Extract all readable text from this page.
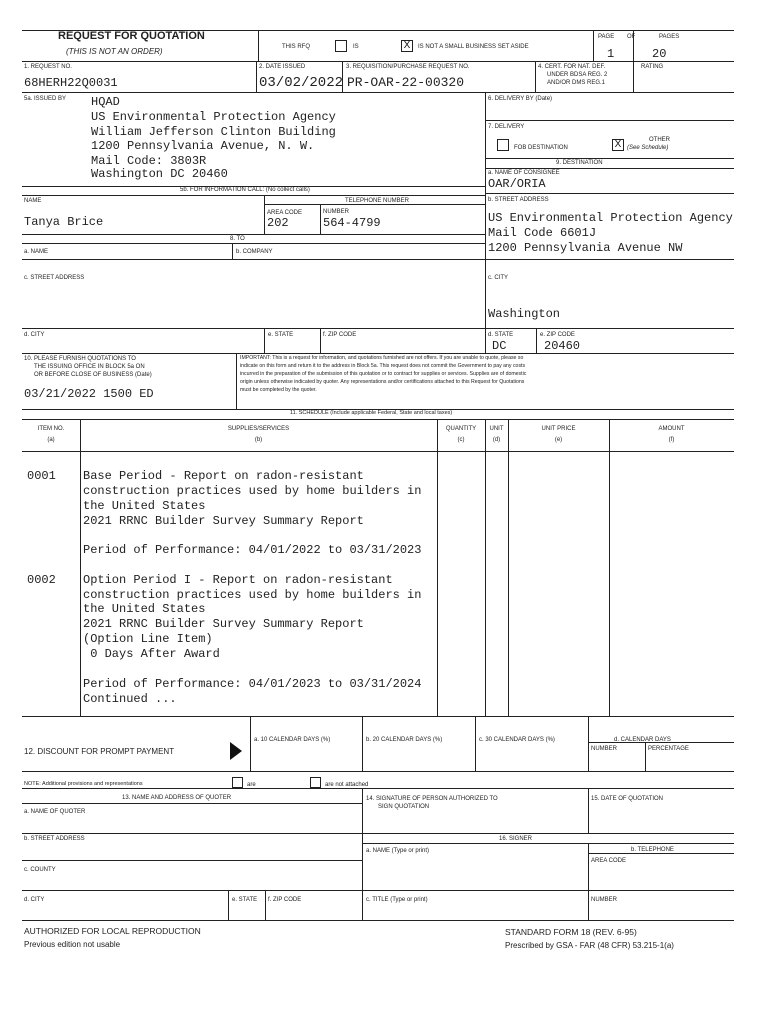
REQUEST FOR QUOTATION
(THIS IS NOT AN ORDER)	THIS RFQ	IS	X	IS NOT A SMALL BUSINESS SET ASIDE
PAGE OF	PAGES
1	20
1. REQUEST NO.
68HERH22Q0031
2. DATE ISSUED
03/02/2022
3. REQUISITION/PURCHASE REQUEST NO.
PR-OAR-22-00320
4. CERT. FOR NAT. DEF.
UNDER BDSA REG. 2
AND/OR DMS REG.1
RATING
5a. ISSUED BY HQAD
US Environmental Protection Agency
William Jefferson Clinton Building
1200 Pennsylvania Avenue, N. W.
Mail Code: 3803R
Washington DC 20460
6. DELIVERY BY (Date)
7. DELIVERY
FOB DESTINATION	X	OTHER
(See Schedule)
9. DESTINATION
a. NAME OF CONSIGNEE
OAR/ORIA
b. STREET ADDRESS
US Environmental Protection Agency
Mail Code 6601J
1200 Pennsylvania Avenue NW
c. CITY
Washington
d. STATE
DC
e. ZIP CODE
20460
5b. FOR INFORMATION CALL: (No collect calls)
NAME
Tanya Brice
TELEPHONE NUMBER
AREA CODE
202
NUMBER
564-4799
8. TO
a. NAME	b. COMPANY
c. STREET ADDRESS
d. CITY	e. STATE	f. ZIP CODE
10. PLEASE FURNISH QUOTATIONS TO
THE ISSUING OFFICE IN BLOCK 5a ON
OR BEFORE CLOSE OF BUSINESS (Date)
03/21/2022 1500 ED
IMPORTANT: This is a request for information, and quotations furnished are not offers. If you are unable to quote, please so
indicate on this form and return it to the address in Block 5a. This request does not commit the Government to pay any costs
incurred in the preparation of the submission of this quotation or to contract for supplies or services. Supplies are of domestic
origin unless otherwise indicated by quoter. Any representations and/or certifications attached to this Request for Quotations
must be completed by the quoter.
11. SCHEDULE (Include applicable Federal, State and local taxes)
ITEM NO.
(a)
SUPPLIES/SERVICES
(b)
QUANTITY
(c)
UNIT
(d)
UNIT PRICE
(e)
AMOUNT
(f)
0001 Base Period - Report on radon-resistant
construction practices used by home builders in
the United States
2021 RRNC Builder Survey Summary Report
Period of Performance: 04/01/2022 to 03/31/2023
0002 Option Period I - Report on radon-resistant
construction practices used by home builders in
the United States
2021 RRNC Builder Survey Summary Report
(Option Line Item)
0 Days After Award
Period of Performance: 04/01/2023 to 03/31/2024
Continued ...
12. DISCOUNT FOR PROMPT PAYMENT
a. 10 CALENDAR DAYS (%)	b. 20 CALENDAR DAYS (%)	c. 30 CALENDAR DAYS (%)	d. CALENDAR DAYS
NUMBER	PERCENTAGE
NOTE: Additional provisions and representations	are	are not attached
13. NAME AND ADDRESS OF QUOTER
a. NAME OF QUOTER
b. STREET ADDRESS
c. COUNTY
d. CITY	e. STATE f. ZIP CODE
14. SIGNATURE OF PERSON AUTHORIZED TO
SIGN QUOTATION
15. DATE OF QUOTATION
16. SIGNER
a. NAME (Type or print)	b. TELEPHONE
AREA CODE
c. TITLE (Type or print)	NUMBER
AUTHORIZED FOR LOCAL REPRODUCTION
Previous edition not usable
STANDARD FORM 18 (REV. 6-95)
Prescribed by GSA - FAR (48 CFR) 53.215-1(a)
